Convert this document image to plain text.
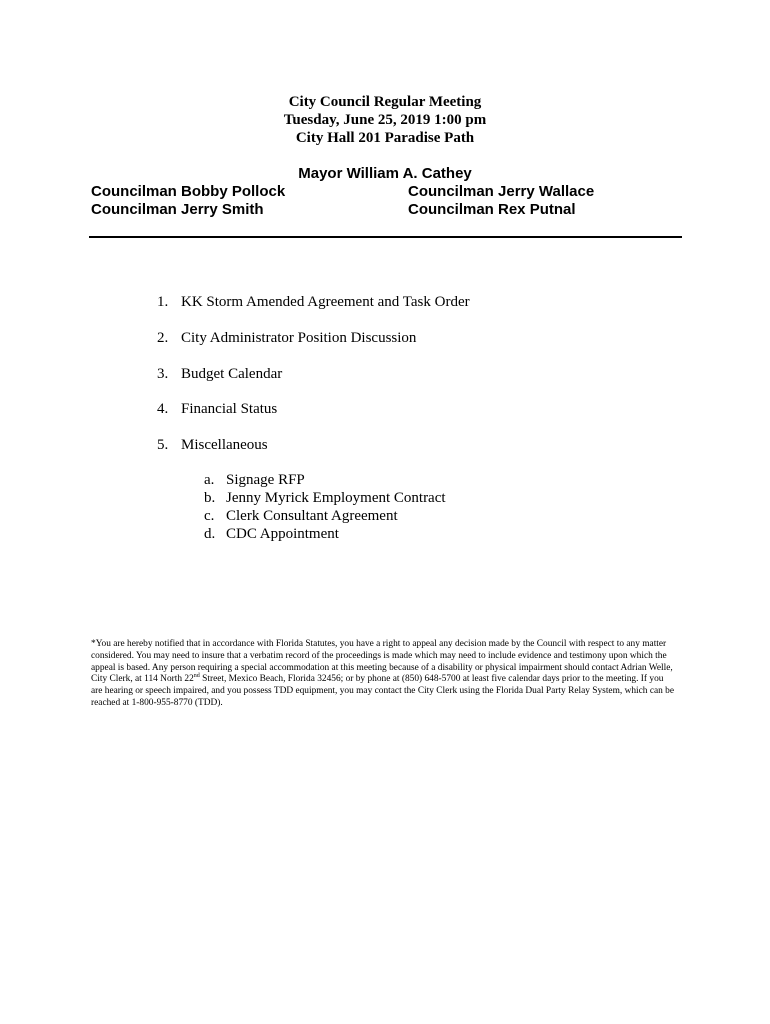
City Council Regular Meeting
Tuesday, June 25, 2019 1:00 pm
City Hall 201 Paradise Path
Mayor William A. Cathey
Councilman Bobby Pollock
Councilman Jerry Smith
Councilman Jerry Wallace
Councilman Rex Putnal
1. KK Storm Amended Agreement and Task Order
2. City Administrator Position Discussion
3. Budget Calendar
4. Financial Status
5. Miscellaneous
a. Signage RFP
b. Jenny Myrick Employment Contract
c. Clerk Consultant Agreement
d. CDC Appointment
*You are hereby notified that in accordance with Florida Statutes, you have a right to appeal any decision made by the Council with respect to any matter considered. You may need to insure that a verbatim record of the proceedings is made which may need to include evidence and testimony upon which the appeal is based. Any person requiring a special accommodation at this meeting because of a disability or physical impairment should contact Adrian Welle, City Clerk, at 114 North 22nd Street, Mexico Beach, Florida 32456; or by phone at (850) 648-5700 at least five calendar days prior to the meeting. If you are hearing or speech impaired, and you possess TDD equipment, you may contact the City Clerk using the Florida Dual Party Relay System, which can be reached at 1-800-955-8770 (TDD).
